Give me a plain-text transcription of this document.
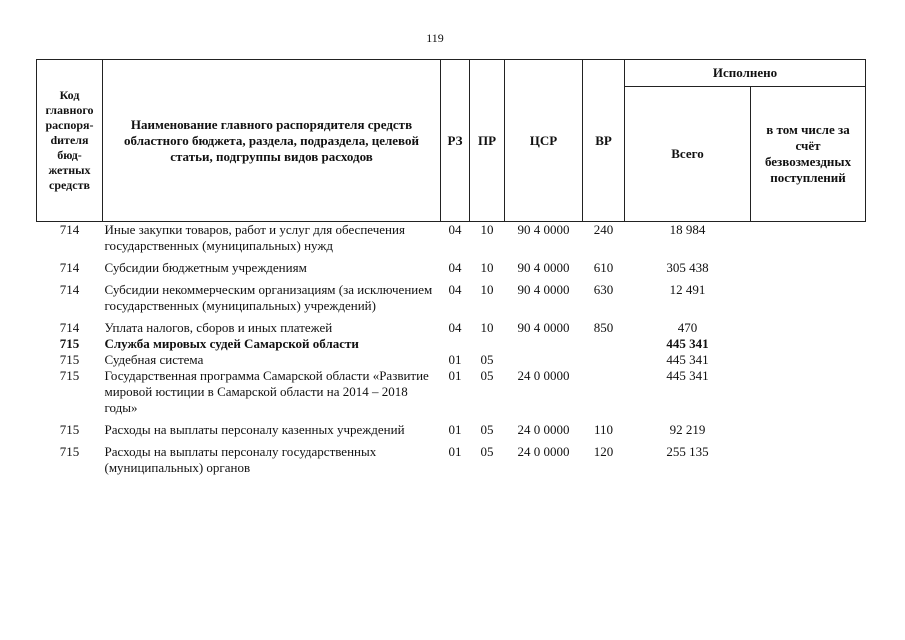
119
Код главного распоряdителя бюджетных средств	Наименование главного распорядителя средств областного бюджета, раздела, подраздела, целевой статьи, подгруппы видов расходов	РЗ	ПР	ЦСР	ВР	Исполнено	
						Всего	в том числе за счёт безвозмездных поступлений
714	Иные закупки товаров, работ и услуг для обеспечения государственных (муниципальных) нужд	04	10	90 4 0000	240	18 984	
714	Субсидии бюджетным учреждениям	04	10	90 4 0000	610	305 438	
714	Субсидии некоммерческим организациям (за исключением государственных (муниципальных) учреждений)	04	10	90 4 0000	630	12 491	
714	Уплата налогов, сборов и иных платежей	04	10	90 4 0000	850	470	
715	Служба мировых судей Самарской области					445 341	
715	Судебная система	01	05			445 341	
715	Государственная программа Самарской области «Развитие мировой юстиции в Самарской области на 2014 – 2018 годы»	01	05	24 0 0000		445 341	
715	Расходы на выплаты персоналу казенных учреждений	01	05	24 0 0000	110	92 219	
715	Расходы на выплаты персоналу государственных (муниципальных) органов	01	05	24 0 0000	120	255 135	
